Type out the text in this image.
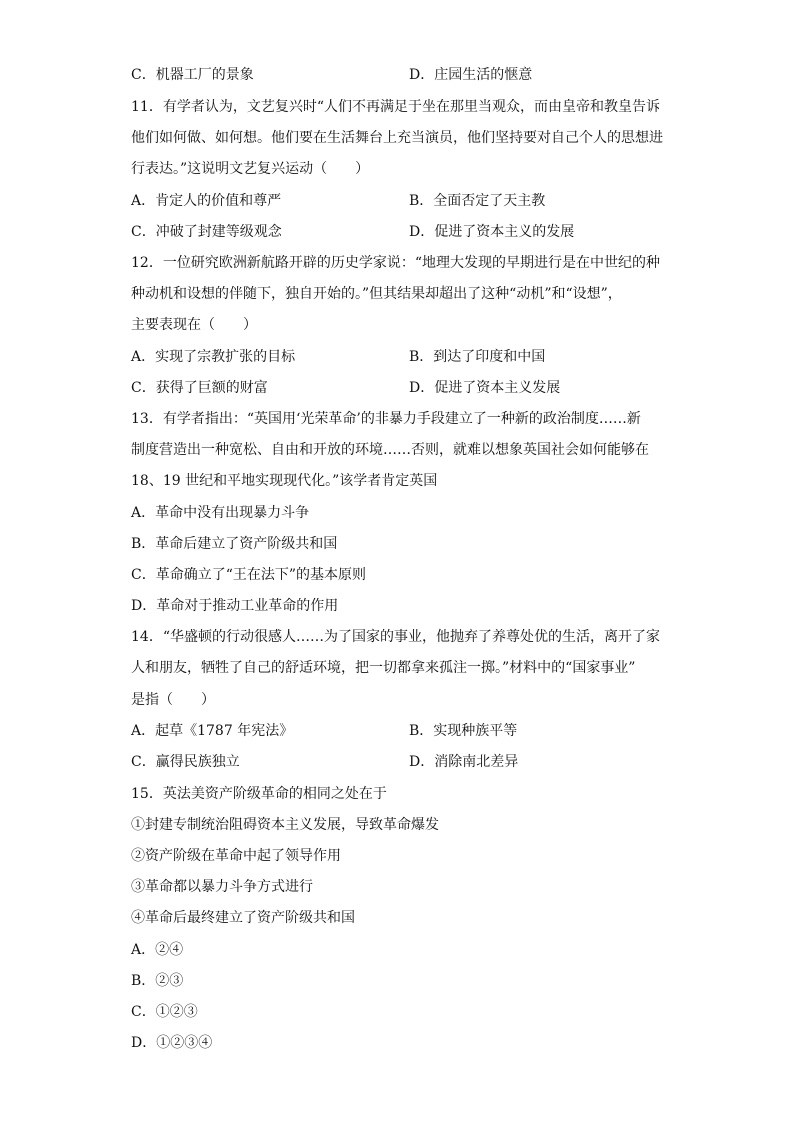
C．机器工厂的景象	D．庄园生活的惬意
11．有学者认为，文艺复兴时“人们不再满足于坐在那里当观众，而由皇帝和教皇告诉
他们如何做、如何想。他们要在生活舞台上充当演员，他们坚持要对自己个人的思想进
行表达。”这说明文艺复兴运动（　　）
A．肯定人的价值和尊严	B．全面否定了天主教
C．冲破了封建等级观念	D．促进了资本主义的发展
12．一位研究欧洲新航路开辟的历史学家说：“地理大发现的早期进行是在中世纪的种
种动机和设想的伴随下，独自开始的。”但其结果却超出了这种“动机”和“设想”，
主要表现在（　　）
A．实现了宗教扩张的目标	B．到达了印度和中国
C．获得了巨额的财富	D．促进了资本主义发展
13．有学者指出：“英国用‘光荣革命’的非暴力手段建立了一种新的政治制度……新
制度营造出一种宽松、自由和开放的环境……否则，就难以想象英国社会如何能够在
18、19 世纪和平地实现现代化。”该学者肯定英国
A．革命中没有出现暴力斗争
B．革命后建立了资产阶级共和国
C．革命确立了“王在法下”的基本原则
D．革命对于推动工业革命的作用
14．“华盛顿的行动很感人……为了国家的事业，他抛弃了养尊处优的生活，离开了家
人和朋友，牺牲了自己的舒适环境，把一切都拿来孤注一掷。”材料中的“国家事业”
是指（　　）
A．起草《1787 年宪法》	B．实现种族平等
C．赢得民族独立	D．消除南北差异
15．英法美资产阶级革命的相同之处在于
①封建专制统治阻碍资本主义发展，导致革命爆发
②资产阶级在革命中起了领导作用
③革命都以暴力斗争方式进行
④革命后最终建立了资产阶级共和国
A．②④
B．②③
C．①②③
D．①②③④
